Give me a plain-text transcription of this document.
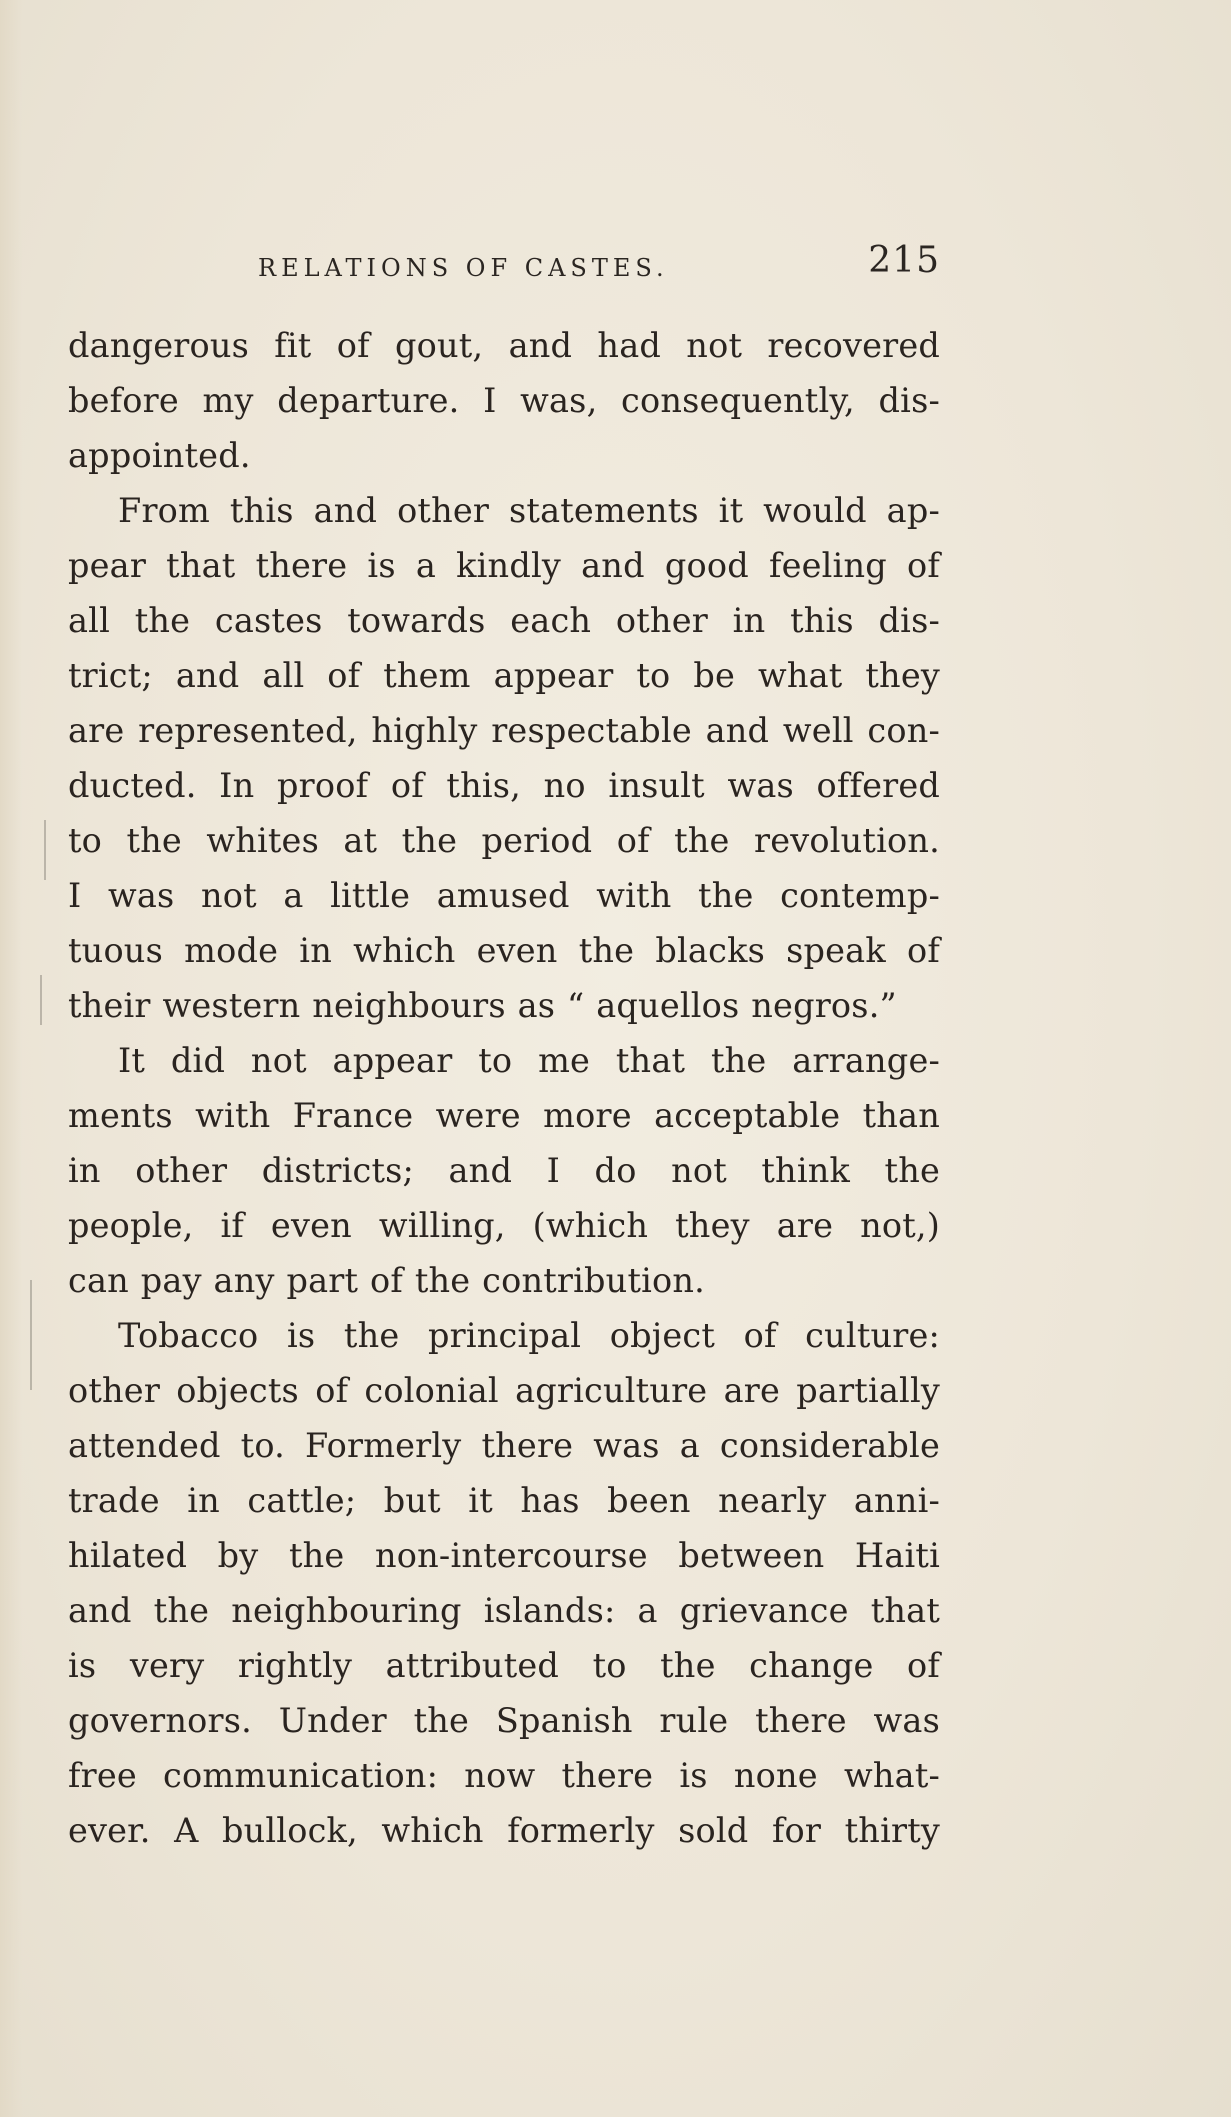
RELATIONS OF CASTES.	215
dangerous fit of gout, and had not recovered
before my departure. I was, consequently, dis-
appointed.
From this and other statements it would ap-
pear that there is a kindly and good feeling of
all the castes towards each other in this dis-
trict; and all of them appear to be what they
are represented, highly respectable and well con-
ducted. In proof of this, no insult was offered
to the whites at the period of the revolution.
I was not a little amused with the contemp-
tuous mode in which even the blacks speak of
their western neighbours as “ aquellos negros.”
It did not appear to me that the arrange-
ments with France were more acceptable than
in other districts; and I do not think the
people, if even willing, (which they are not,)
can pay any part of the contribution.
Tobacco is the principal object of culture:
other objects of colonial agriculture are partially
attended to. Formerly there was a considerable
trade in cattle; but it has been nearly anni-
hilated by the non-intercourse between Haiti
and the neighbouring islands: a grievance that
is very rightly attributed to the change of
governors. Under the Spanish rule there was
free communication: now there is none what-
ever. A bullock, which formerly sold for thirty
